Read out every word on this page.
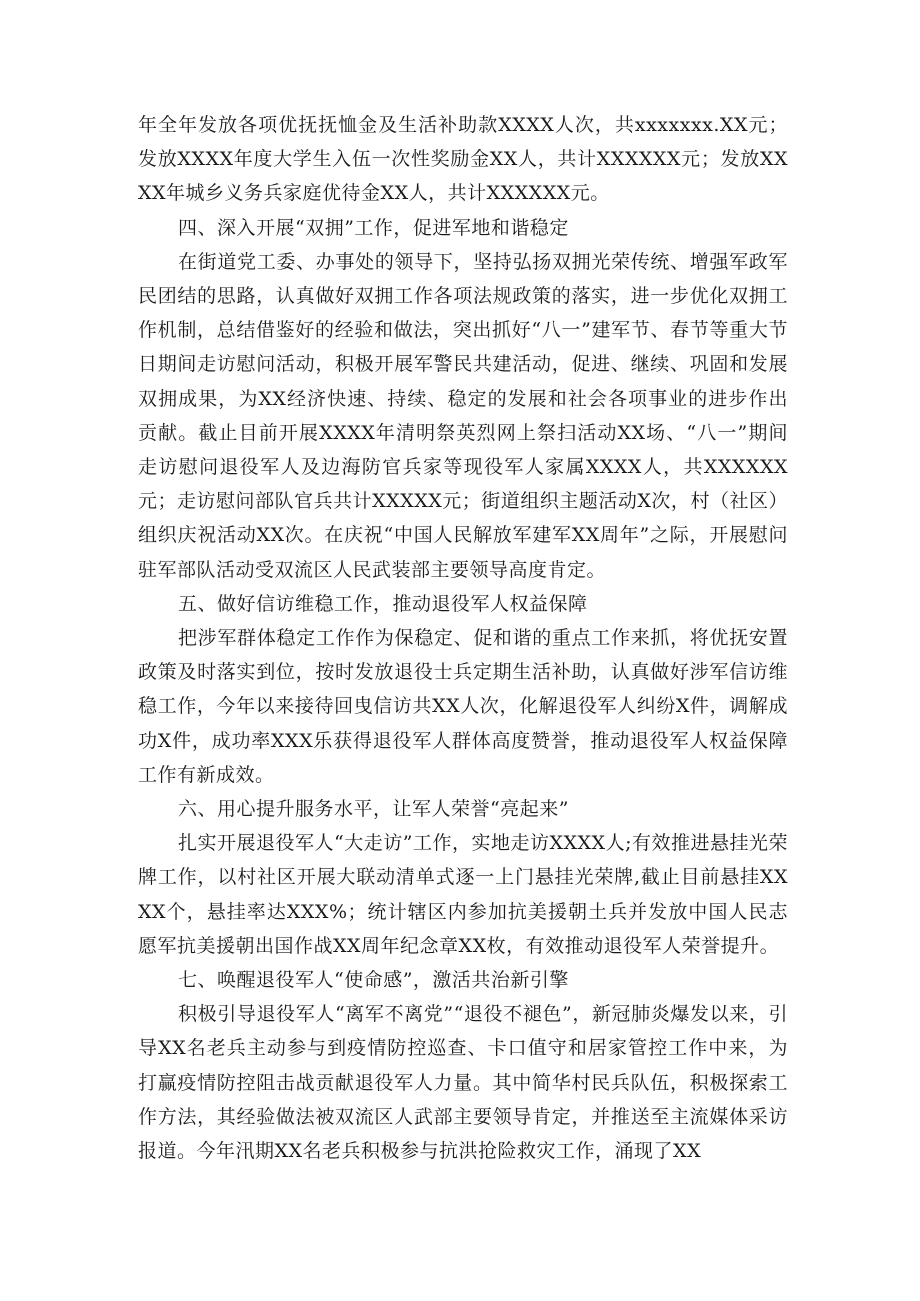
年全年发放各项优抚抚恤金及生活补助款XXXX人次，共xxxxxxx.XX元；发放XXXX年度大学生入伍一次性奖励金XX人，共计XXXXXX元；发放XXXX年城乡义务兵家庭优待金XX人，共计XXXXXX元。

四、深入开展“双拥”工作，促进军地和谐稳定

在街道党工委、办事处的领导下，坚持弘扬双拥光荣传统、增强军政军民团结的思路，认真做好双拥工作各项法规政策的落实，进一步优化双拥工作机制，总结借鉴好的经验和做法，突出抓好“八一”建军节、春节等重大节日期间走访慰问活动，积极开展军警民共建活动，促进、继续、巩固和发展双拥成果，为XX经济快速、持续、稳定的发展和社会各项事业的进步作出贡献。截止目前开展XXXX年清明祭英烈网上祭扫活动XX场、“八一”期间走访慰问退役军人及边海防官兵家等现役军人家属XXXX人，共XXXXXX元；走访慰问部队官兵共计XXXXX元；街道组织主题活动X次，村（社区）组织庆祝活动XX次。在庆祝“中国人民解放军建军XX周年”之际，开展慰问驻军部队活动受双流区人民武装部主要领导高度肯定。

五、做好信访维稳工作，推动退役军人权益保障

把涉军群体稳定工作作为保稳定、促和谐的重点工作来抓，将优抚安置政策及时落实到位，按时发放退役士兵定期生活补助，认真做好涉军信访维稳工作，今年以来接待回曳信访共XX人次，化解退役军人纠纷X件，调解成功X件，成功率XXX乐获得退役军人群体高度赞誉，推动退役军人权益保障工作有新成效。

六、用心提升服务水平，让军人荣誉“亮起来”

扎实开展退役军人“大走访”工作，实地走访XXXX人;有效推进悬挂光荣牌工作，以村社区开展大联动清单式逐一上门悬挂光荣牌,截止目前悬挂XXXX个，悬挂率达XXX%；统计辖区内参加抗美援朝土兵并发放中国人民志愿军抗美援朝出国作战XX周年纪念章XX枚，有效推动退役军人荣誉提升。

七、唤醒退役军人“使命感”，激活共治新引擎

积极引导退役军人“离军不离党”“退役不褪色”，新冠肺炎爆发以来，引导XX名老兵主动参与到疫情防控巡查、卡口值守和居家管控工作中来，为打赢疫情防控阻击战贡献退役军人力量。其中简华村民兵队伍，积极探索工作方法，其经验做法被双流区人武部主要领导肯定，并推送至主流媒体采访报道。今年汛期XX名老兵积极参与抗洪抢险救灾工作，涌现了XX
